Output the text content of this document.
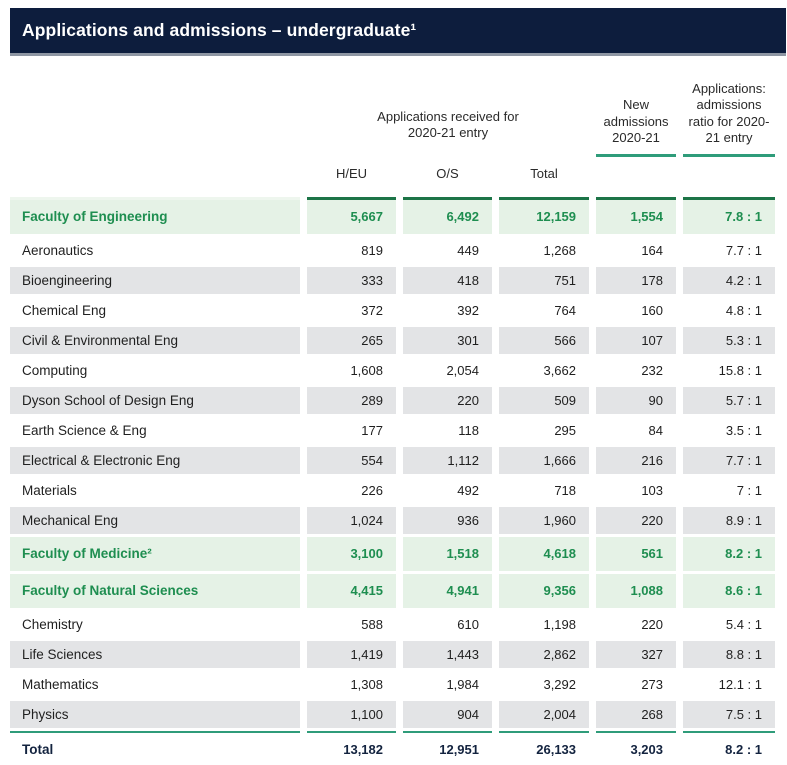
Applications and admissions – undergraduate¹

	Applications received for 2020-21 entry			New admissions 2020-21	Applications: admissions ratio for 2020-21 entry

	H/EU	O/S	Total		
Faculty of Engineering	5,667	6,492	12,159	1,554	7.8 : 1
Aeronautics	819	449	1,268	164	7.7 : 1
Bioengineering	333	418	751	178	4.2 : 1
Chemical Eng	372	392	764	160	4.8 : 1
Civil & Environmental Eng	265	301	566	107	5.3 : 1
Computing	1,608	2,054	3,662	232	15.8 : 1
Dyson School of Design Eng	289	220	509	90	5.7 : 1
Earth Science & Eng	177	118	295	84	3.5 : 1
Electrical & Electronic Eng	554	1,112	1,666	216	7.7 : 1
Materials	226	492	718	103	7 : 1
Mechanical Eng	1,024	936	1,960	220	8.9 : 1
Faculty of Medicine²	3,100	1,518	4,618	561	8.2 : 1
Faculty of Natural Sciences	4,415	4,941	9,356	1,088	8.6 : 1
Chemistry	588	610	1,198	220	5.4 : 1
Life Sciences	1,419	1,443	2,862	327	8.8 : 1
Mathematics	1,308	1,984	3,292	273	12.1 : 1
Physics	1,100	904	2,004	268	7.5 : 1
Total	13,182	12,951	26,133	3,203	8.2 : 1
